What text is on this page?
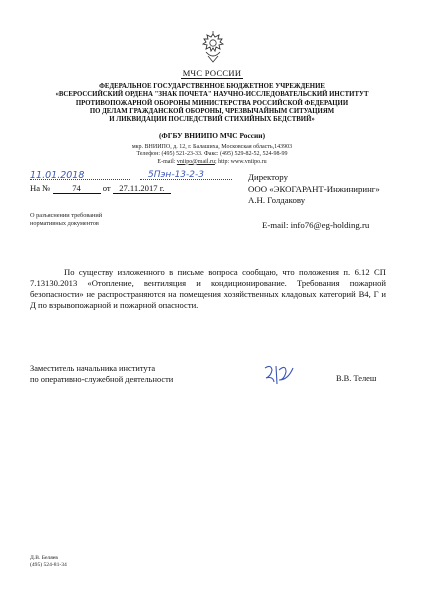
МЧС РОССИИ
ФЕДЕРАЛЬНОЕ ГОСУДАРСТВЕННОЕ БЮДЖЕТНОЕ УЧРЕЖДЕНИЕ
«ВСЕРОССИЙСКИЙ ОРДЕНА "ЗНАК ПОЧЕТА" НАУЧНО-ИССЛЕДОВАТЕЛЬСКИЙ ИНСТИТУТ
ПРОТИВОПОЖАРНОЙ ОБОРОНЫ МИНИСТЕРСТВА РОССИЙСКОЙ ФЕДЕРАЦИИ
ПО ДЕЛАМ ГРАЖДАНСКОЙ ОБОРОНЫ, ЧРЕЗВЫЧАЙНЫМ СИТУАЦИЯМ
И ЛИКВИДАЦИИ ПОСЛЕДСТВИЙ СТИХИЙНЫХ БЕДСТВИЙ»
(ФГБУ ВНИИПО МЧС России)
мкр. ВНИИПО, д. 12, г. Балашиха, Московская область,143903
Телефон: (495) 521-23-33. Факс: (495) 529-82-52, 524-98-99
E-mail: vniipo@mail.ru; http: www.vniipo.ru
11.01.2018	5Пэн-13-2-3
На №	74	от 27.11.2017 г.
О разъяснении требований
нормативных документов
Директору
ООО «ЭКОГАРАНТ-Инжиниринг»
А.Н. Голдакову
E-mail: info76@eg-holding.ru

По существу изложенного в письме вопроса сообщаю, что положения п. 6.12 СП 7.13130.2013 «Отопление, вентиляция и кондиционирование. Требования пожарной безопасности» не распространяются на помещения хозяйственных кладовых категорий В4, Г и Д по взрывопожарной и пожарной опасности.

Заместитель начальника института
по оперативно-служебной деятельности	В.В. Телеш
Д.В. Беляев
(495) 524-81-34
